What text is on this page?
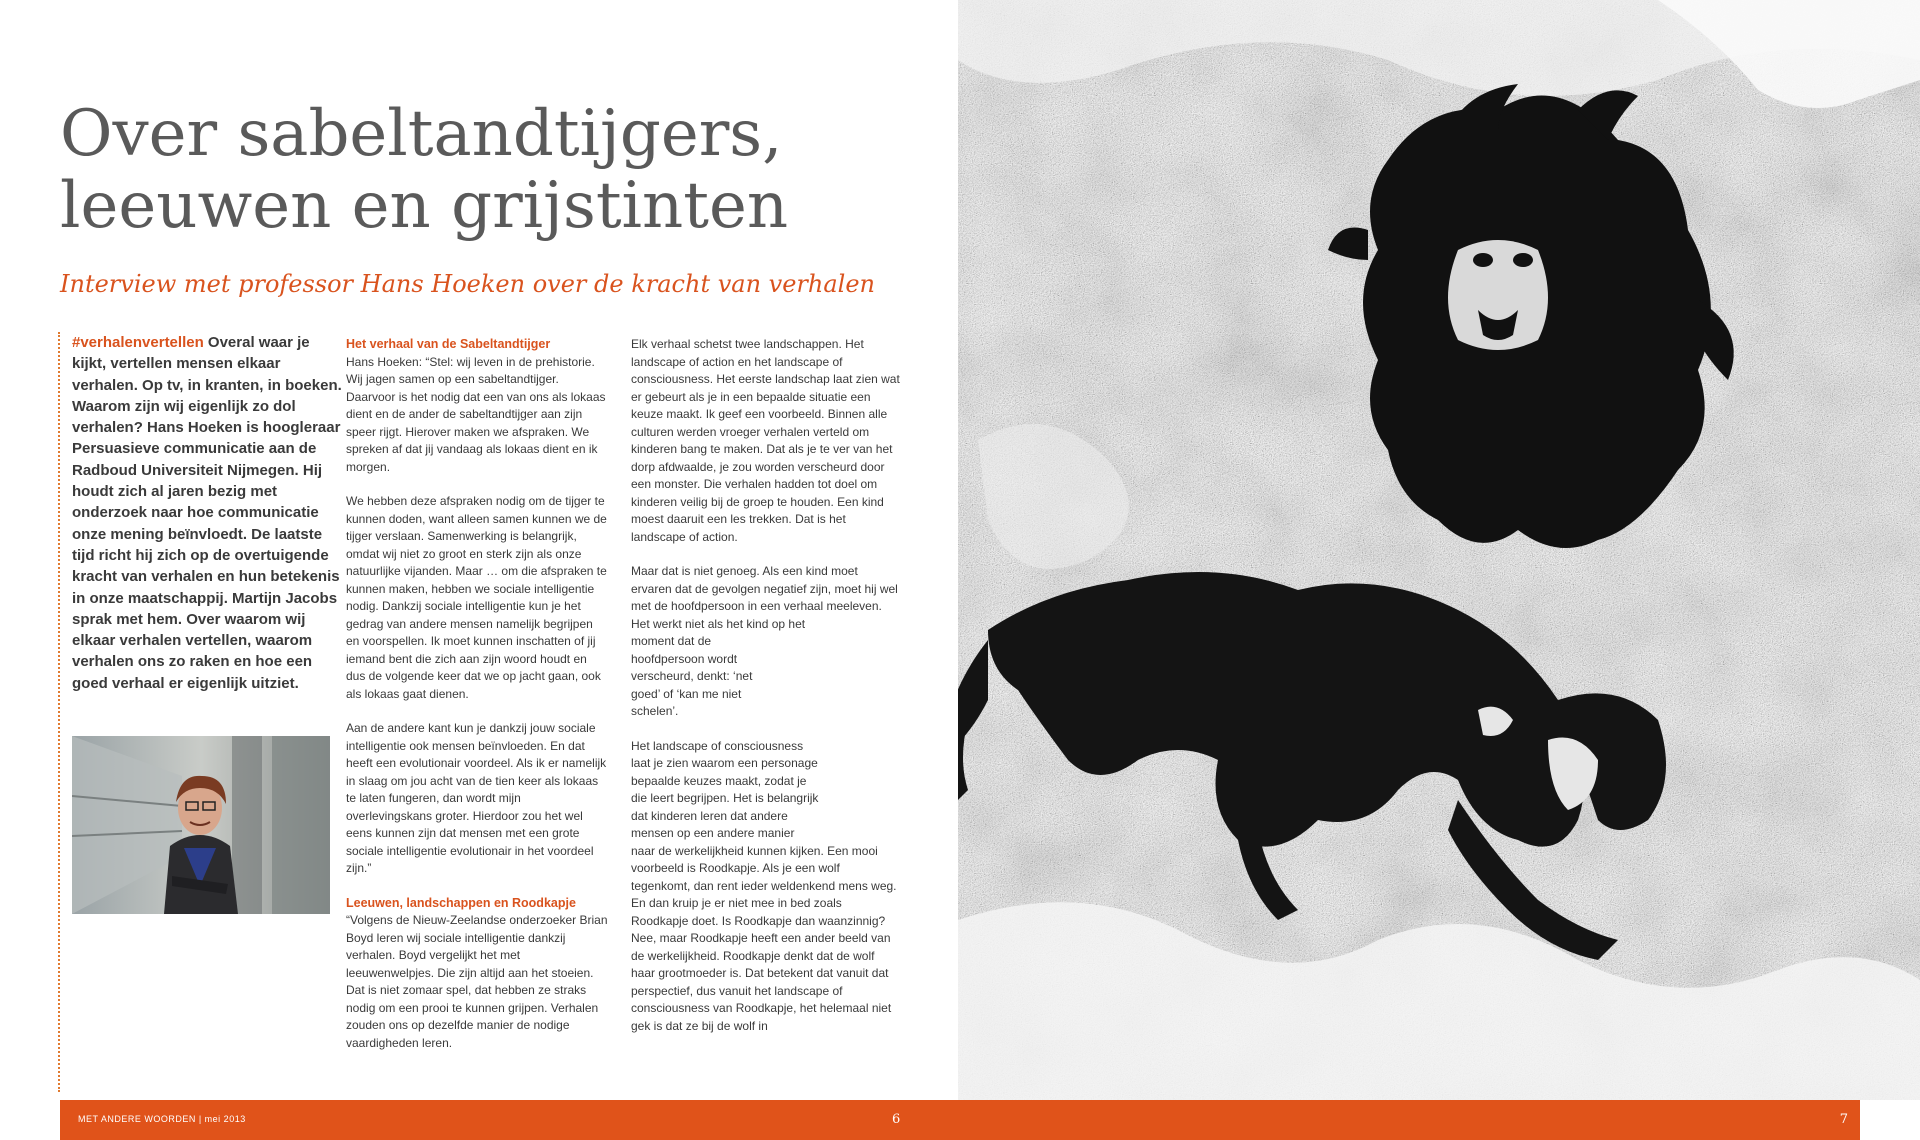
Over sabeltandtijgers,
leeuwen en grijstinten

Interview met professor Hans Hoeken over de kracht van verhalen

#verhalenvertellen Overal waar je kijkt, vertellen mensen elkaar verhalen. Op tv, in kranten, in boeken. Waarom zijn wij eigenlijk zo dol verhalen? Hans Hoeken is hoogleraar Persuasieve communicatie aan de Radboud Universiteit Nijmegen. Hij houdt zich al jaren bezig met onderzoek naar hoe communicatie onze mening beïnvloedt. De laatste tijd richt hij zich op de overtuigende kracht van verhalen en hun betekenis in onze maatschappij. Martijn Jacobs sprak met hem. Over waarom wij elkaar verhalen vertellen, waarom verhalen ons zo raken en hoe een goed verhaal er eigenlijk uitziet.

Het verhaal van de Sabeltandtijger

Hans Hoeken: “Stel: wij leven in de prehistorie. Wij jagen samen op een sabeltandtijger. Daarvoor is het nodig dat een van ons als lokaas dient en de ander de sabeltandtijger aan zijn speer rijgt. Hierover maken we afspraken. We spreken af dat jij vandaag als lokaas dient en ik morgen.

We hebben deze afspraken nodig om de tijger te kunnen doden, want alleen samen kunnen we de tijger verslaan. Samenwerking is belangrijk, omdat wij niet zo groot en sterk zijn als onze natuurlijke vijanden. Maar … om die afspraken te kunnen maken, hebben we sociale intelligentie nodig. Dankzij sociale intelligentie kun je het gedrag van andere mensen namelijk begrijpen en voorspellen. Ik moet kunnen inschatten of jij iemand bent die zich aan zijn woord houdt en dus de volgende keer dat we op jacht gaan, ook als lokaas gaat dienen.

Aan de andere kant kun je dankzij jouw sociale intelligentie ook mensen beïnvloeden. En dat heeft een evolutionair voordeel. Als ik er namelijk in slaag om jou acht van de tien keer als lokaas te laten fungeren, dan wordt mijn overlevingskans groter. Hierdoor zou het wel eens kunnen zijn dat mensen met een grote sociale intelligentie evolutionair in het voordeel zijn.”

Leeuwen, landschappen en Roodkapje

“Volgens de Nieuw-Zeelandse onderzoeker Brian Boyd leren wij sociale intelligentie dankzij verhalen. Boyd vergelijkt het met leeuwenwelpjes. Die zijn altijd aan het stoeien. Dat is niet zomaar spel, dat hebben ze straks nodig om een prooi te kunnen grijpen. Verhalen zouden ons op dezelfde manier de nodige vaardigheden leren.

Elk verhaal schetst twee landschappen. Het landscape of action en het landscape of consciousness. Het eerste landschap laat zien wat er gebeurt als je in een bepaalde situatie een keuze maakt. Ik geef een voorbeeld. Binnen alle culturen werden vroeger verhalen verteld om kinderen bang te maken. Dat als je te ver van het dorp afdwaalde, je zou worden verscheurd door een monster. Die verhalen hadden tot doel om kinderen veilig bij de groep te houden. Een kind moest daaruit een les trekken. Dat is het landscape of action.

Maar dat is niet genoeg. Als een kind moet ervaren dat de gevolgen negatief zijn, moet hij wel met de hoofdpersoon in een verhaal meeleven. Het werkt niet als het kind op het
moment dat de hoofdpersoon wordt verscheurd, denkt: ‘net goed’ of ‘kan me niet schelen’.

Het landscape of consciousness laat je zien waarom een personage bepaalde keuzes maakt, zodat je die leert begrijpen. Het is belangrijk dat kinderen leren dat andere mensen op een andere manier
naar de werkelijkheid kunnen kijken. Een mooi voorbeeld is Roodkapje. Als je een wolf tegenkomt, dan rent ieder weldenkend mens weg. En dan kruip je er niet mee in bed zoals Roodkapje doet. Is Roodkapje dan waanzinnig? Nee, maar Roodkapje heeft een ander beeld van de werkelijkheid. Roodkapje denkt dat de wolf haar grootmoeder is. Dat betekent dat vanuit dat perspectief, dus vanuit het landscape of consciousness van Roodkapje, het helemaal niet gek is dat ze bij de wolf in

MET ANDERE WOORDEN | mei 2013	6	7
